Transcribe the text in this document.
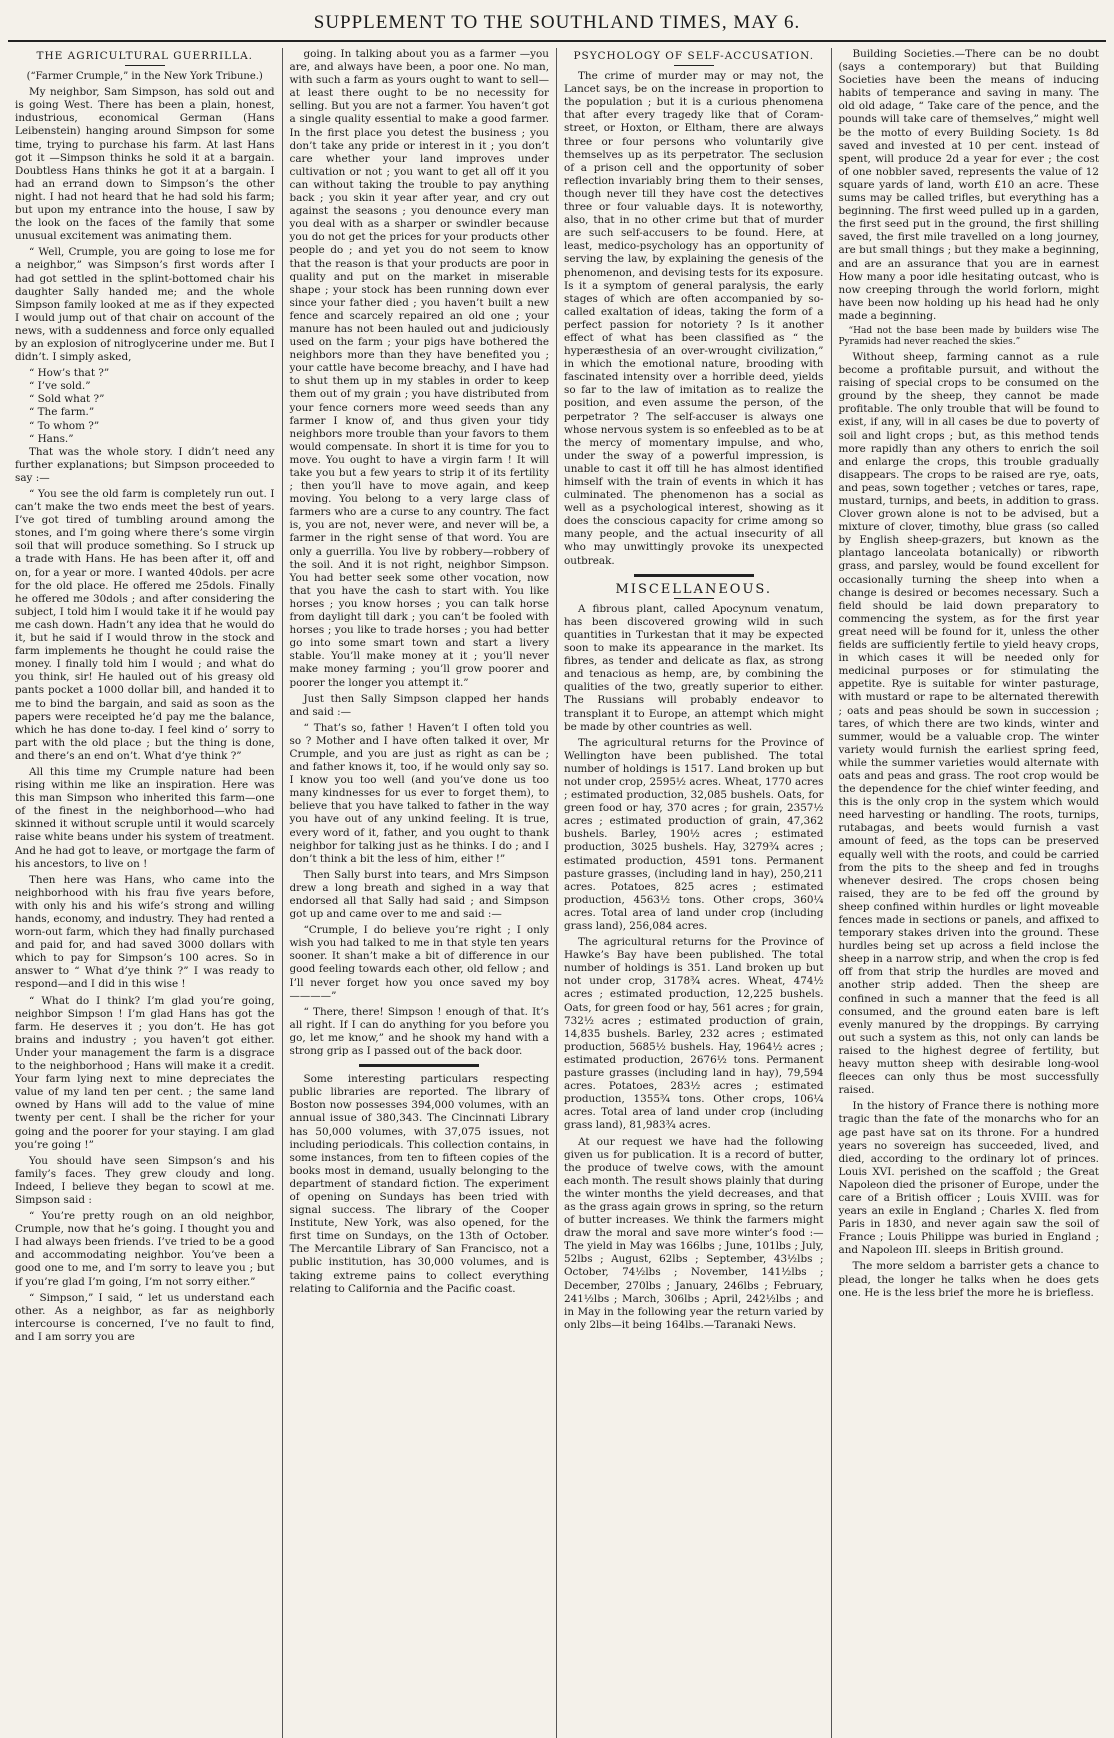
SUPPLEMENT TO THE SOUTHLAND TIMES, MAY 6.
THE AGRICULTURAL GUERRILLA.
(“Farmer Crumple,” in the New York Tribune.)

My neighbor, Sam Simpson, has sold out and is going West. There has been a plain, honest, industrious, economical German (Hans Leibenstein) hanging around Simpson for some time, trying to purchase his farm. At last Hans got it —Simpson thinks he sold it at a bargain. Doubtless Hans thinks he got it at a bargain. I had an errand down to Simpson’s the other night. I had not heard that he had sold his farm; but upon my entrance into the house, I saw by the look on the faces of the family that some unusual excitement was animating them.

“ Well, Crumple, you are going to lose me for a neighbor,” was Simpson’s first words after I had got settled in the splint-bottomed chair his daughter Sally handed me; and the whole Simpson family looked at me as if they expected I would jump out of that chair on account of the news, with a suddenness and force only equalled by an explosion of nitroglycerine under me. But I didn’t. I simply asked,

“ How’s that ?”

“ I’ve sold.”

“ Sold what ?”

“ The farm.”

“ To whom ?”

“ Hans.”

That was the whole story. I didn’t need any further explanations; but Simpson proceeded to say :—

“ You see the old farm is completely run out. I can’t make the two ends meet the best of years. I’ve got tired of tumbling around among the stones, and I’m going where there’s some virgin soil that will produce something. So I struck up a trade with Hans. He has been after it, off and on, for a year or more. I wanted 40dols. per acre for the old place. He offered me 25dols. Finally he offered me 30dols ; and after considering the subject, I told him I would take it if he would pay me cash down. Hadn’t any idea that he would do it, but he said if I would throw in the stock and farm implements he thought he could raise the money. I finally told him I would ; and what do you think, sir! He hauled out of his greasy old pants pocket a 1000 dollar bill, and handed it to me to bind the bargain, and said as soon as the papers were receipted he’d pay me the balance, which he has done to-day. I feel kind o’ sorry to part with the old place ; but the thing is done, and there’s an end on’t. What d’ye think ?”

All this time my Crumple nature had been rising within me like an inspiration. Here was this man Simpson who inherited this farm—one of the finest in the neighborhood—who had skinned it without scruple until it would scarcely raise white beans under his system of treatment. And he had got to leave, or mortgage the farm of his ancestors, to live on !

Then here was Hans, who came into the neighborhood with his frau five years before, with only his and his wife’s strong and willing hands, economy, and industry. They had rented a worn-out farm, which they had finally purchased and paid for, and had saved 3000 dollars with which to pay for Simpson’s 100 acres. So in answer to “ What d’ye think ?” I was ready to respond—and I did in this wise !

“ What do I think? I’m glad you’re going, neighbor Simpson ! I’m glad Hans has got the farm. He deserves it ; you don’t. He has got brains and industry ; you haven’t got either. Under your management the farm is a disgrace to the neighborhood ; Hans will make it a credit. Your farm lying next to mine depreciates the value of my land ten per cent. ; the same land owned by Hans will add to the value of mine twenty per cent. I shall be the richer for your going and the poorer for your staying. I am glad you’re going !”

You should have seen Simpson’s and his family’s faces. They grew cloudy and long. Indeed, I believe they began to scowl at me. Simpson said :

“ You’re pretty rough on an old neighbor, Crumple, now that he’s going. I thought you and I had always been friends. I’ve tried to be a good and accommodating neighbor. You’ve been a good one to me, and I’m sorry to leave you ; but if you’re glad I’m going, I’m not sorry either.”

“ Simpson,” I said, “ let us understand each other. As a neighbor, as far as neighborly intercourse is concerned, I’ve no fault to find, and I am sorry you are

going. In talking about you as a farmer —you are, and always have been, a poor one. No man, with such a farm as yours ought to want to sell—at least there ought to be no necessity for selling. But you are not a farmer. You haven’t got a single quality essential to make a good farmer. In the first place you detest the business ; you don’t take any pride or interest in it ; you don’t care whether your land improves under cultivation or not ; you want to get all off it you can without taking the trouble to pay anything back ; you skin it year after year, and cry out against the seasons ; you denounce every man you deal with as a sharper or swindler because you do not get the prices for your products other people do ; and yet you do not seem to know that the reason is that your products are poor in quality and put on the market in miserable shape ; your stock has been running down ever since your father died ; you haven’t built a new fence and scarcely repaired an old one ; your manure has not been hauled out and judiciously used on the farm ; your pigs have bothered the neighbors more than they have benefited you ; your cattle have become breachy, and I have had to shut them up in my stables in order to keep them out of my grain ; you have distributed from your fence corners more weed seeds than any farmer I know of, and thus given your tidy neighbors more trouble than your favors to them would compensate. In short it is time for you to move. You ought to have a virgin farm ! It will take you but a few years to strip it of its fertility ; then you’ll have to move again, and keep moving. You belong to a very large class of farmers who are a curse to any country. The fact is, you are not, never were, and never will be, a farmer in the right sense of that word. You are only a guerrilla. You live by robbery—robbery of the soil. And it is not right, neighbor Simpson. You had better seek some other vocation, now that you have the cash to start with. You like horses ; you know horses ; you can talk horse from daylight till dark ; you can’t be fooled with horses ; you like to trade horses ; you had better go into some smart town and start a livery stable. You’ll make money at it ; you’ll never make money farming ; you’ll grow poorer and poorer the longer you attempt it.”

Just then Sally Simpson clapped her hands and said :—

“ That’s so, father ! Haven’t I often told you so ? Mother and I have often talked it over, Mr Crumple, and you are just as right as can be ; and father knows it, too, if he would only say so. I know you too well (and you’ve done us too many kindnesses for us ever to forget them), to believe that you have talked to father in the way you have out of any unkind feeling. It is true, every word of it, father, and you ought to thank neighbor for talking just as he thinks. I do ; and I don’t think a bit the less of him, either !”

Then Sally burst into tears, and Mrs Simpson drew a long breath and sighed in a way that endorsed all that Sally had said ; and Simpson got up and came over to me and said :—

“Crumple, I do believe you’re right ; I only wish you had talked to me in that style ten years sooner. It shan’t make a bit of difference in our good feeling towards each other, old fellow ; and I’ll never forget how you once saved my boy————”

“ There, there! Simpson ! enough of that. It’s all right. If I can do anything for you before you go, let me know,” and he shook my hand with a strong grip as I passed out of the back door.

Some interesting particulars respecting public libraries are reported. The library of Boston now possesses 394,000 volumes, with an annual issue of 380,343. The Cincinnati Library has 50,000 volumes, with 37,075 issues, not including periodicals. This collection contains, in some instances, from ten to fifteen copies of the books most in demand, usually belonging to the department of standard fiction. The experiment of opening on Sundays has been tried with signal success. The library of the Cooper Institute, New York, was also opened, for the first time on Sundays, on the 13th of October. The Mercantile Library of San Francisco, not a public institution, has 30,000 volumes, and is taking extreme pains to collect everything relating to California and the Pacific coast.

PSYCHOLOGY OF SELF-ACCUSATION.

The crime of murder may or may not, the Lancet says, be on the increase in proportion to the population ; but it is a curious phenomena that after every tragedy like that of Coram-street, or Hoxton, or Eltham, there are always three or four persons who voluntarily give themselves up as its perpetrator. The seclusion of a prison cell and the opportunity of sober reflection invariably bring them to their senses, though never till they have cost the detectives three or four valuable days. It is noteworthy, also, that in no other crime but that of murder are such self-accusers to be found. Here, at least, medico-psychology has an opportunity of serving the law, by explaining the genesis of the phenomenon, and devising tests for its exposure. Is it a symptom of general paralysis, the early stages of which are often accompanied by so-called exaltation of ideas, taking the form of a perfect passion for notoriety ? Is it another effect of what has been classified as “ the hyperæsthesia of an over-wrought civilization,” in which the emotional nature, brooding with fascinated intensity over a horrible deed, yields so far to the law of imitation as to realize the position, and even assume the person, of the perpetrator ? The self-accuser is always one whose nervous system is so enfeebled as to be at the mercy of momentary impulse, and who, under the sway of a powerful impression, is unable to cast it off till he has almost identified himself with the train of events in which it has culminated. The phenomenon has a social as well as a psychological interest, showing as it does the conscious capacity for crime among so many people, and the actual insecurity of all who may unwittingly provoke its unexpected outbreak.

MISCELLANEOUS.

A fibrous plant, called Apocynum venatum, has been discovered growing wild in such quantities in Turkestan that it may be expected soon to make its appearance in the market. Its fibres, as tender and delicate as flax, as strong and tenacious as hemp, are, by combining the qualities of the two, greatly superior to either. The Russians will probably endeavor to transplant it to Europe, an attempt which might be made by other countries as well.

The agricultural returns for the Province of Wellington have been published. The total number of holdings is 1517. Land broken up but not under crop, 2595½ acres. Wheat, 1770 acres ; estimated production, 32,085 bushels. Oats, for green food or hay, 370 acres ; for grain, 2357½ acres ; estimated production of grain, 47,362 bushels. Barley, 190½ acres ; estimated production, 3025 bushels. Hay, 3279¾ acres ; estimated production, 4591 tons. Permanent pasture grasses, (including land in hay), 250,211 acres. Potatoes, 825 acres ; estimated production, 4563½ tons. Other crops, 360¼ acres. Total area of land under crop (including grass land), 256,084 acres.

The agricultural returns for the Province of Hawke’s Bay have been published. The total number of holdings is 351. Land broken up but not under crop, 3178¾ acres. Wheat, 474½ acres ; estimated production, 12,225 bushels. Oats, for green food or hay, 561 acres ; for grain, 732½ acres ; estimated production of grain, 14,835 bushels. Barley, 232 acres ; estimated production, 5685½ bushels. Hay, 1964½ acres ; estimated production, 2676½ tons. Permanent pasture grasses (including land in hay), 79,594 acres. Potatoes, 283½ acres ; estimated production, 1355¾ tons. Other crops, 106¼ acres. Total area of land under crop (including grass land), 81,983¾ acres.

At our request we have had the following given us for publication. It is a record of butter, the produce of twelve cows, with the amount each month. The result shows plainly that during the winter months the yield decreases, and that as the grass again grows in spring, so the return of butter increases. We think the farmers might draw the moral and save more winter’s food :—The yield in May was 166lbs ; June, 101lbs ; July, 52lbs ; August, 62lbs ; September, 43½lbs ; October, 74½lbs ; November, 141½lbs ; December, 270lbs ; January, 246lbs ; February, 241½lbs ; March, 306lbs ; April, 242½lbs ; and in May in the following year the return varied by only 2lbs—it being 164lbs.—Taranaki News.

Building Societies.—There can be no doubt (says a contemporary) but that Building Societies have been the means of inducing habits of temperance and saving in many. The old old adage, “ Take care of the pence, and the pounds will take care of themselves,” might well be the motto of every Building Society. 1s 8d saved and invested at 10 per cent. instead of spent, will produce 2d a year for ever ; the cost of one nobbler saved, represents the value of 12 square yards of land, worth £10 an acre. These sums may be called trifles, but everything has a beginning. The first weed pulled up in a garden, the first seed put in the ground, the first shilling saved, the first mile travelled on a long journey, are but small things ; but they make a beginning, and are an assurance that you are in earnest How many a poor idle hesitating outcast, who is now creeping through the world forlorn, might have been now holding up his head had he only made a beginning.

“Had not the base been made by builders wise The Pyramids had never reached the skies.”

Without sheep, farming cannot as a rule become a profitable pursuit, and without the raising of special crops to be consumed on the ground by the sheep, they cannot be made profitable. The only trouble that will be found to exist, if any, will in all cases be due to poverty of soil and light crops ; but, as this method tends more rapidly than any others to enrich the soil and enlarge the crops, this trouble gradually disappears. The crops to be raised are rye, oats, and peas, sown together ; vetches or tares, rape, mustard, turnips, and beets, in addition to grass. Clover grown alone is not to be advised, but a mixture of clover, timothy, blue grass (so called by English sheep-grazers, but known as the plantago lanceolata botanically) or ribworth grass, and parsley, would be found excellent for occasionally turning the sheep into when a change is desired or becomes necessary. Such a field should be laid down preparatory to commencing the system, as for the first year great need will be found for it, unless the other fields are sufficiently fertile to yield heavy crops, in which cases it will be needed only for medicinal purposes or for stimulating the appetite. Rye is suitable for winter pasturage, with mustard or rape to be alternated therewith ; oats and peas should be sown in succession ; tares, of which there are two kinds, winter and summer, would be a valuable crop. The winter variety would furnish the earliest spring feed, while the summer varieties would alternate with oats and peas and grass. The root crop would be the dependence for the chief winter feeding, and this is the only crop in the system which would need harvesting or handling. The roots, turnips, rutabagas, and beets would furnish a vast amount of feed, as the tops can be preserved equally well with the roots, and could be carried from the pits to the sheep and fed in troughs whenever desired. The crops chosen being raised, they are to be fed off the ground by sheep confined within hurdles or light moveable fences made in sections or panels, and affixed to temporary stakes driven into the ground. These hurdles being set up across a field inclose the sheep in a narrow strip, and when the crop is fed off from that strip the hurdles are moved and another strip added. Then the sheep are confined in such a manner that the feed is all consumed, and the ground eaten bare is left evenly manured by the droppings. By carrying out such a system as this, not only can lands be raised to the highest degree of fertility, but heavy mutton sheep with desirable long-wool fleeces can only thus be most successfully raised.

In the history of France there is nothing more tragic than the fate of the monarchs who for an age past have sat on its throne. For a hundred years no sovereign has succeeded, lived, and died, according to the ordinary lot of princes. Louis XVI. perished on the scaffold ; the Great Napoleon died the prisoner of Europe, under the care of a British officer ; Louis XVIII. was for years an exile in England ; Charles X. fled from Paris in 1830, and never again saw the soil of France ; Louis Philippe was buried in England ; and Napoleon III. sleeps in British ground.

The more seldom a barrister gets a chance to plead, the longer he talks when he does gets one. He is the less brief the more he is briefless.
